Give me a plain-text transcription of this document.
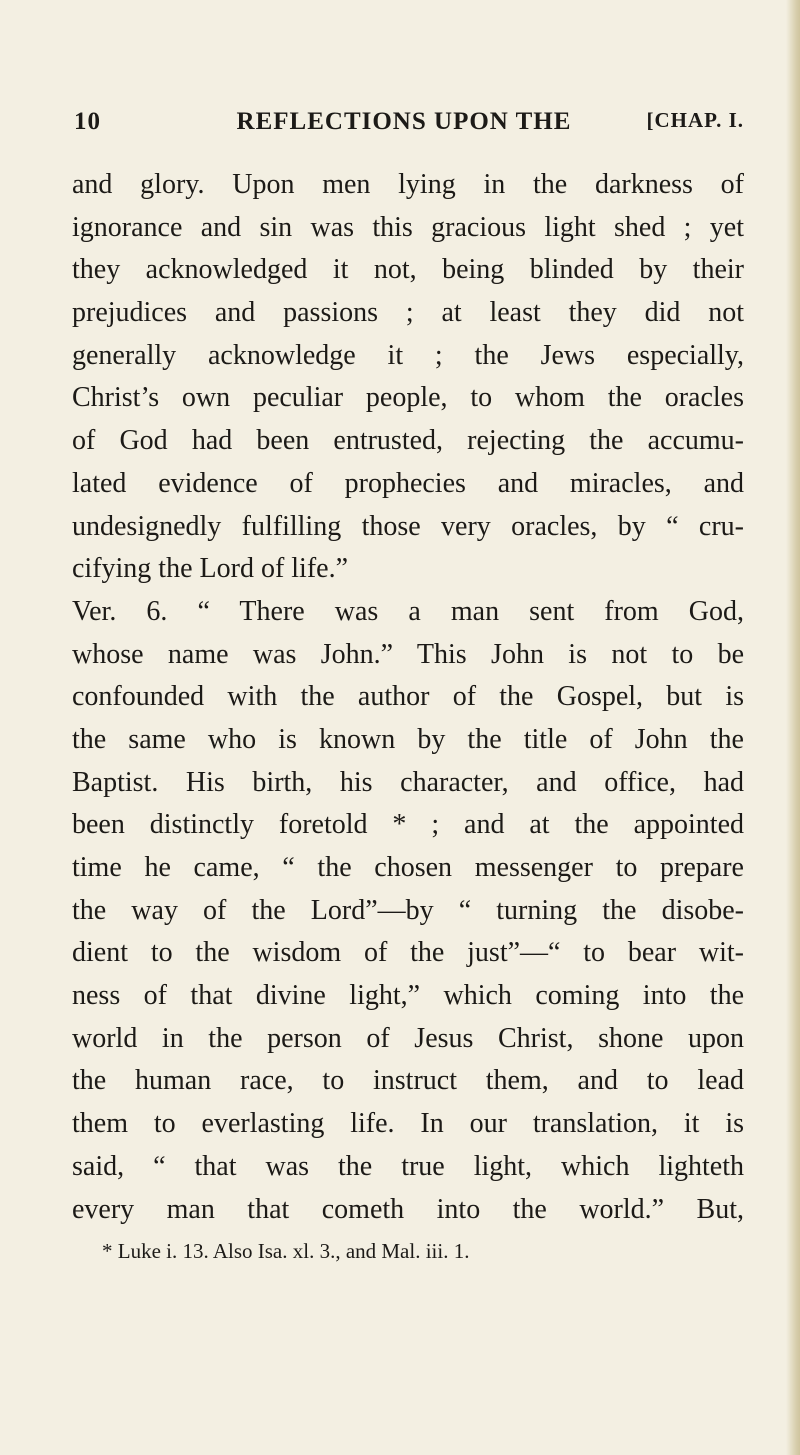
10	REFLECTIONS UPON THE	[CHAP. I.
and glory. Upon men lying in the darkness of
ignorance and sin was this gracious light shed ; yet
they acknowledged it not, being blinded by their
prejudices and passions ; at least they did not
generally acknowledge it ; the Jews especially,
Christ’s own peculiar people, to whom the oracles
of God had been entrusted, rejecting the accumu-
lated evidence of prophecies and miracles, and
undesignedly fulfilling those very oracles, by “ cru-
cifying the Lord of life.”
Ver. 6. “ There was a man sent from God,
whose name was John.” This John is not to be
confounded with the author of the Gospel, but is
the same who is known by the title of John the
Baptist. His birth, his character, and office, had
been distinctly foretold * ; and at the appointed
time he came, “ the chosen messenger to prepare
the way of the Lord”—by “ turning the disobe-
dient to the wisdom of the just”—“ to bear wit-
ness of that divine light,” which coming into the
world in the person of Jesus Christ, shone upon
the human race, to instruct them, and to lead
them to everlasting life. In our translation, it is
said, “ that was the true light, which lighteth
every man that cometh into the world.” But,
* Luke i. 13. Also Isa. xl. 3., and Mal. iii. 1.
